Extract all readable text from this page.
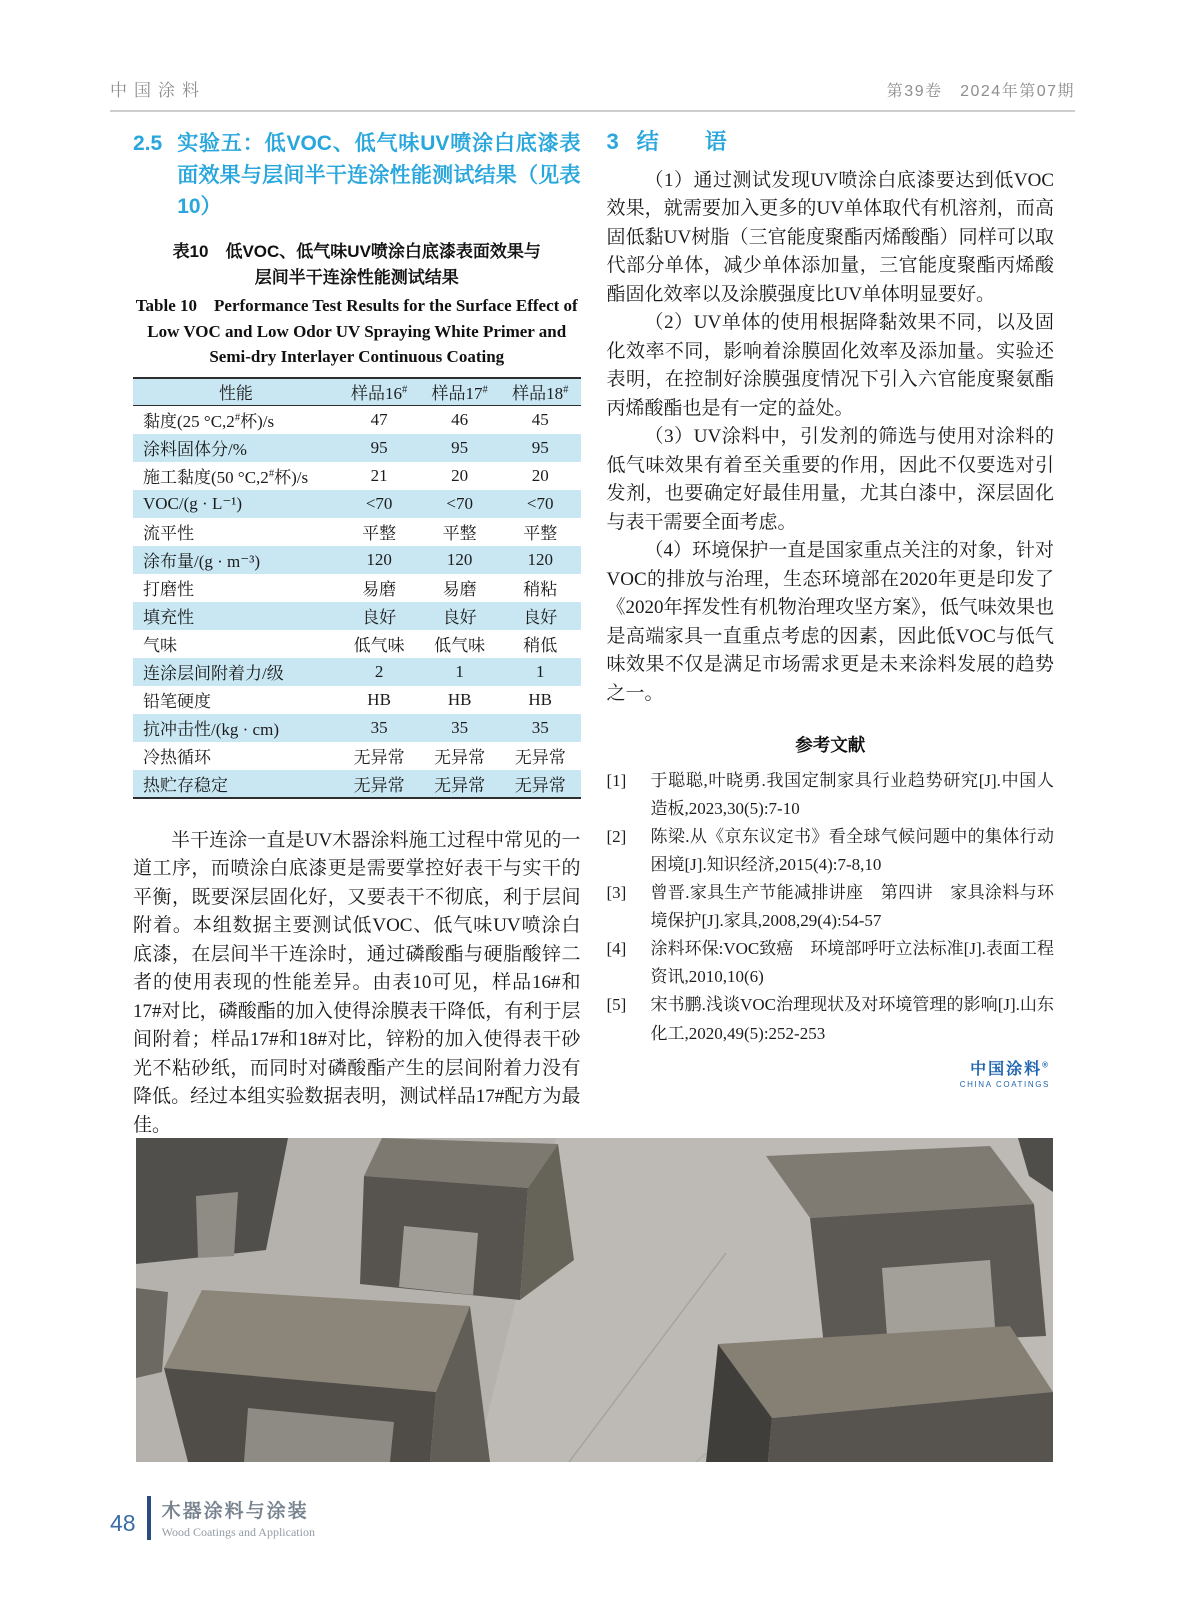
中国涂料	第39卷　2024年第07期
2.5 实验五：低VOC、低气味UV喷涂白底漆表面效果与层间半干连涂性能测试结果（见表10）
表10　低VOC、低气味UV喷涂白底漆表面效果与
层间半干连涂性能测试结果
Table 10　Performance Test Results for the Surface Effect of Low VOC and Low Odor UV Spraying White Primer and Semi-dry Interlayer Continuous Coating
性能	样品16#	样品17#	样品18#
黏度(25 °C,2#杯)/s	47	46	45
涂料固体分/%	95	95	95
施工黏度(50 °C,2#杯)/s	21	20	20
VOC/(g · L⁻¹)	<70	<70	<70
流平性	平整	平整	平整
涂布量/(g · m⁻³)	120	120	120
打磨性	易磨	易磨	稍粘
填充性	良好	良好	良好
气味	低气味	低气味	稍低
连涂层间附着力/级	2	1	1
铅笔硬度	HB	HB	HB
抗冲击性/(kg · cm)	35	35	35
冷热循环	无异常	无异常	无异常
热贮存稳定	无异常	无异常	无异常

半干连涂一直是UV木器涂料施工过程中常见的一道工序，而喷涂白底漆更是需要掌控好表干与实干的平衡，既要深层固化好，又要表干不彻底，利于层间附着。本组数据主要测试低VOC、低气味UV喷涂白底漆，在层间半干连涂时，通过磷酸酯与硬脂酸锌二者的使用表现的性能差异。由表10可见，样品16#和17#对比，磷酸酯的加入使得涂膜表干降低，有利于层间附着；样品17#和18#对比，锌粉的加入使得表干砂光不粘砂纸，而同时对磷酸酯产生的层间附着力没有降低。经过本组实验数据表明，测试样品17#配方为最佳。

3 结　语

（1）通过测试发现UV喷涂白底漆要达到低VOC效果，就需要加入更多的UV单体取代有机溶剂，而高固低黏UV树脂（三官能度聚酯丙烯酸酯）同样可以取代部分单体，减少单体添加量，三官能度聚酯丙烯酸酯固化效率以及涂膜强度比UV单体明显要好。

（2）UV单体的使用根据降黏效果不同，以及固化效率不同，影响着涂膜固化效率及添加量。实验还表明，在控制好涂膜强度情况下引入六官能度聚氨酯丙烯酸酯也是有一定的益处。

（3）UV涂料中，引发剂的筛选与使用对涂料的低气味效果有着至关重要的作用，因此不仅要选对引发剂，也要确定好最佳用量，尤其白漆中，深层固化与表干需要全面考虑。

（4）环境保护一直是国家重点关注的对象，针对VOC的排放与治理，生态环境部在2020年更是印发了《2020年挥发性有机物治理攻坚方案》，低气味效果也是高端家具一直重点考虑的因素，因此低VOC与低气味效果不仅是满足市场需求更是未来涂料发展的趋势之一。

参考文献
[1]	于聪聪,叶晓勇.我国定制家具行业趋势研究[J].中国人造板,2023,30(5):7-10
[2]	陈梁.从《京东议定书》看全球气候问题中的集体行动困境[J].知识经济,2015(4):7-8,10
[3]	曾晋.家具生产节能减排讲座　第四讲　家具涂料与环境保护[J].家具,2008,29(4):54-57
[4]	涂料环保:VOC致癌　环境部呼吁立法标准[J].表面工程资讯,2010,10(6)
[5]	宋书鹏.浅谈VOC治理现状及对环境管理的影响[J].山东化工,2020,49(5):252-253
中国涂料®
CHINA COATINGS
48 木器涂料与涂装
Wood Coatings and Application
